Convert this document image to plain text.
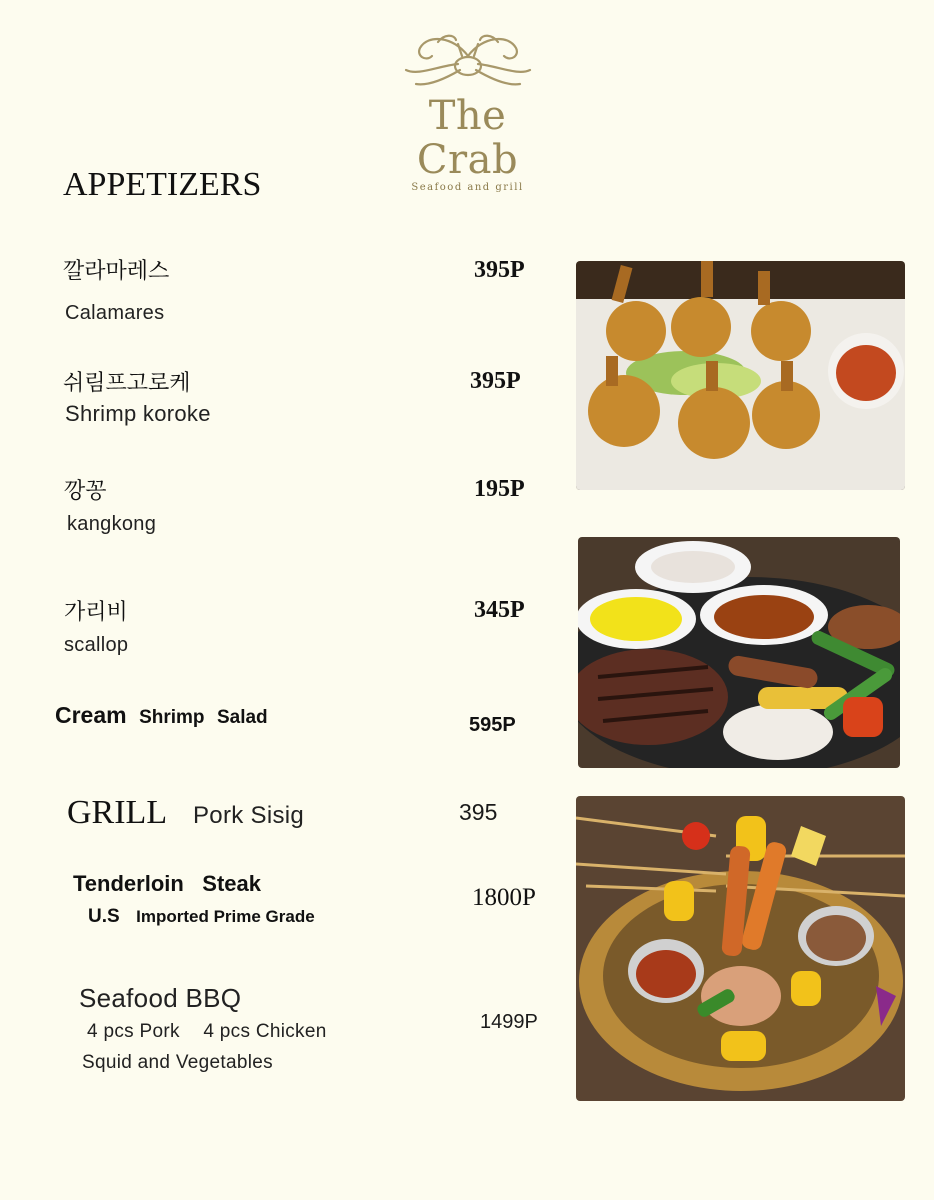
The Crab
Seafood and grill
APPETIZERS
깔라마레스
Calamares
395P
쉬림프고로케
Shrimp koroke
395P
깡꽁
kangkong
195P
가리비
scallop
345P
Cream Shrimp Salad	595P
GRILL Pork Sisig	395
Tenderloin Steak
U.S Imported Prime Grade
1800P
Seafood BBQ
4 pcs Pork 4 pcs Chicken
Squid and Vegetables
1499P
